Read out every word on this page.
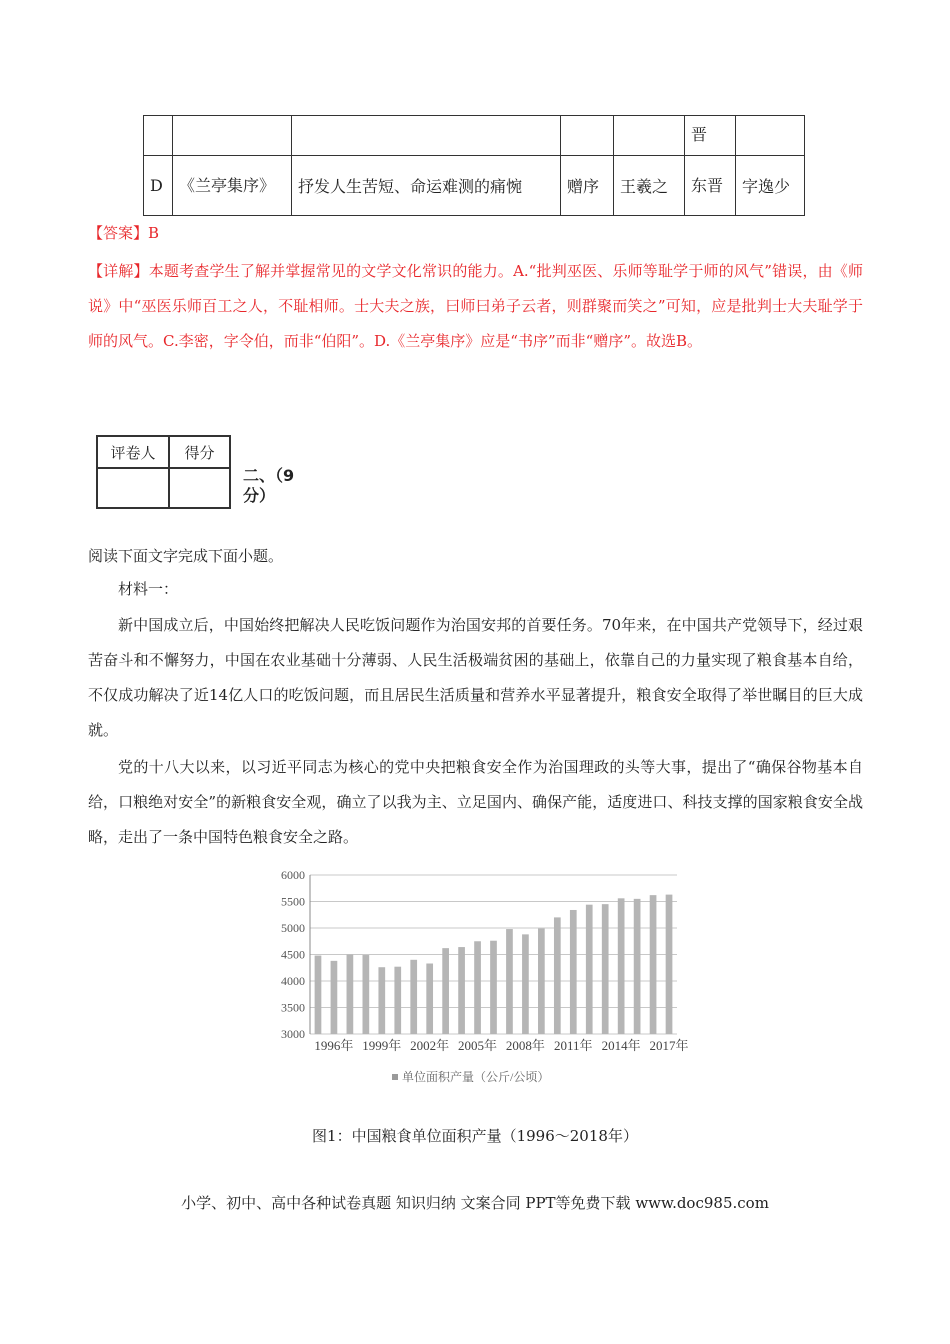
					晋	
D	《兰亭集序》	抒发人生苦短、命运难测的痛惋	赠序	王羲之	东晋	字逸少
【答案】B
【详解】本题考查学生了解并掌握常见的文学文化常识的能力。A.“批判巫医、乐师等耻学于师的风气”错误，由《师说》中“巫医乐师百工之人，不耻相师。士大夫之族，曰师曰弟子云者，则群聚而笑之”可知，应是批判士大夫耻学于师的风气。C.李密，字令伯，而非“伯阳”。D.《兰亭集序》应是“书序”而非“赠序”。故选B。
评卷人	得分

二、（9
分）
阅读下面文字完成下面小题。
材料一：
新中国成立后，中国始终把解决人民吃饭问题作为治国安邦的首要任务。70年来，在中国共产党领导下，经过艰苦奋斗和不懈努力，中国在农业基础十分薄弱、人民生活极端贫困的基础上，依靠自己的力量实现了粮食基本自给，不仅成功解决了近14亿人口的吃饭问题，而且居民生活质量和营养水平显著提升，粮食安全取得了举世瞩目的巨大成就。
党的十八大以来，以习近平同志为核心的党中央把粮食安全作为治国理政的头等大事，提出了“确保谷物基本自给，口粮绝对安全”的新粮食安全观，确立了以我为主、立足国内、确保产能，适度进口、科技支撑的国家粮食安全战略，走出了一条中国特色粮食安全之路。
3000
3500
4000
4500
5000
5500
6000
1996年 1999年 2002年 2005年 2008年 2011年 2014年 2017年
单位面积产量（公斤/公顷）
图1：中国粮食单位面积产量（1996～2018年）
小学、初中、高中各种试卷真题 知识归纳 文案合同 PPT等免费下载 www.doc985.com
